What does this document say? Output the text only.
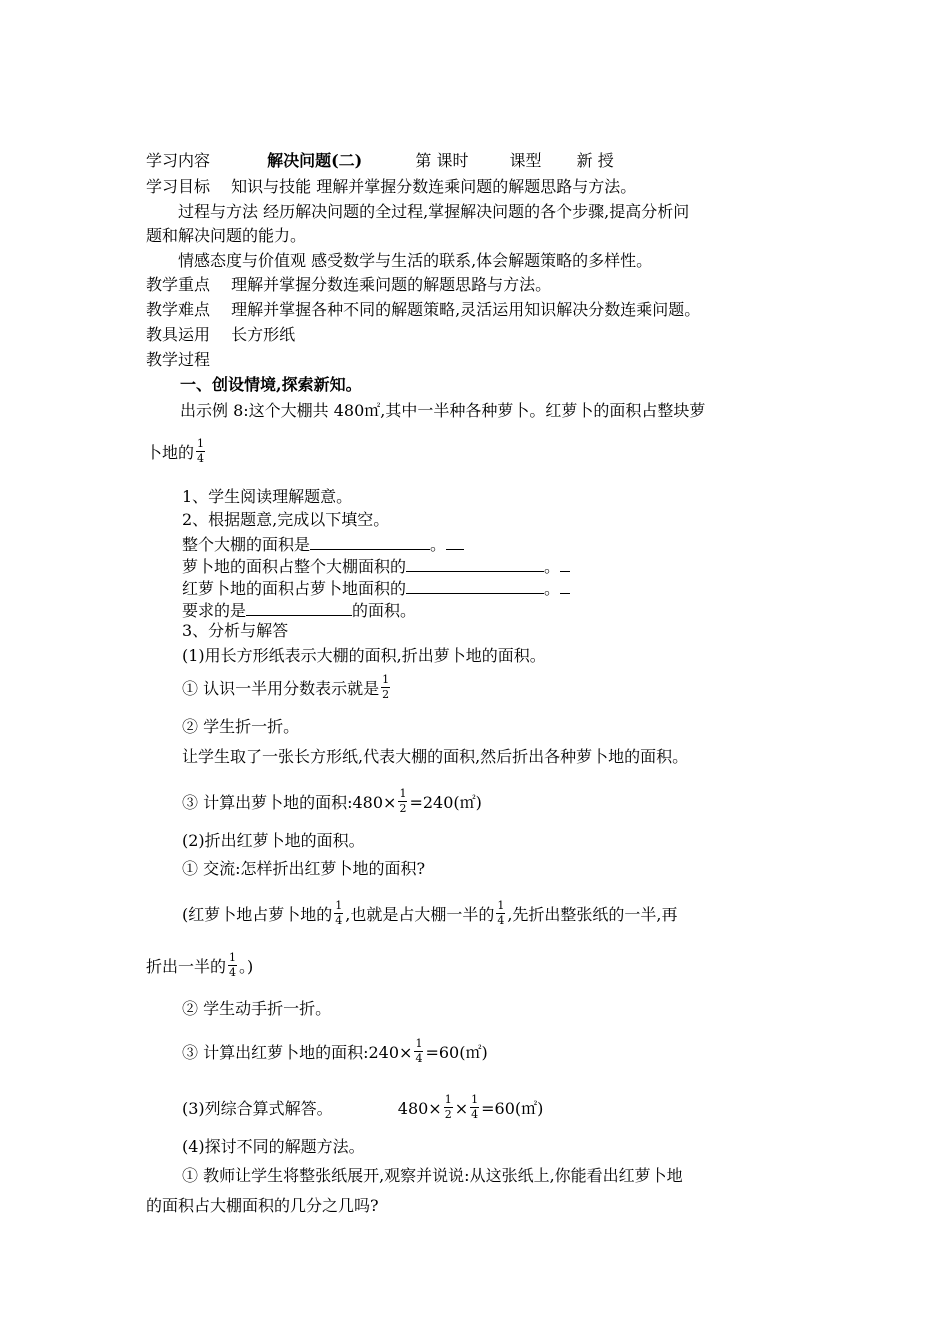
学习内容	解决问题(二)	第 课时	课型 新 授
学习目标 知识与技能 理解并掌握分数连乘问题的解题思路与方法。
过程与方法 经历解决问题的全过程,掌握解决问题的各个步骤,提高分析问
题和解决问题的能力。
情感态度与价值观 感受数学与生活的联系,体会解题策略的多样性。
教学重点 理解并掌握分数连乘问题的解题思路与方法。
教学难点 理解并掌握各种不同的解题策略,灵活运用知识解决分数连乘问题。
教具运用 长方形纸
教学过程
一、创设情境,探索新知。
出示例 8:这个大棚共 480㎡,其中一半种各种萝卜。红萝卜的面积占整块萝
卜地的 $\frac{1}{4}$
1、学生阅读理解题意。
2、根据题意,完成以下填空。
整个大棚的面积是	。
萝卜地的面积占整个大棚面积的	。
红萝卜地的面积占萝卜地面积的	。
要求的是	的面积。
3、分析与解答
(1)用长方形纸表示大棚的面积,折出萝卜地的面积。
① 认识一半用分数表示就是 $\frac{1}{2}$
② 学生折一折。
让学生取了一张长方形纸,代表大棚的面积,然后折出各种萝卜地的面积。
③ 计算出萝卜地的面积:480× $\frac{1}{2}$ =240(㎡)
(2)折出红萝卜地的面积。
① 交流:怎样折出红萝卜地的面积?
(红萝卜地占萝卜地的 $\frac{1}{4}$ ,也就是占大棚一半的 $\frac{1}{4}$ ,先折出整张纸的一半,再
折出一半的 $\frac{1}{4}$ 。)
② 学生动手折一折。
③ 计算出红萝卜地的面积:240× $\frac{1}{4}$ =60(㎡)
(3)列综合算式解答。	$480\times \frac{1}{2} \times \frac{1}{4}$ =60(㎡)
(4)探讨不同的解题方法。
① 教师让学生将整张纸展开,观察并说说:从这张纸上,你能看出红萝卜地
的面积占大棚面积的几分之几吗?
